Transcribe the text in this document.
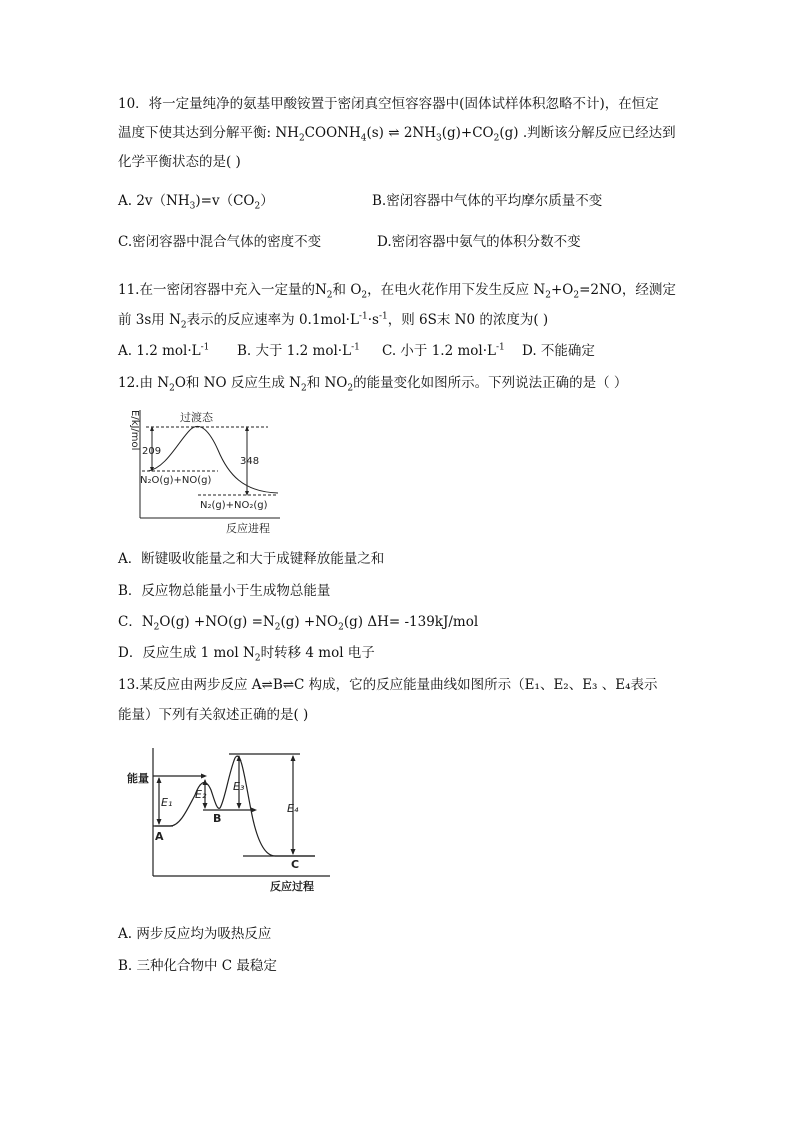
10．将一定量纯净的氨基甲酸铵置于密闭真空恒容容器中(固体试样体积忽略不计)，在恒定
温度下使其达到分解平衡: $NH_2COONH_4(s)$ ⇌ $2NH_3(g)+CO_2(g)$ .判断该分解反应已经达到
化学平衡状态的是( )
A. $2v(NH_3)=v(CO_2)$	B.密闭容器中气体的平均摩尔质量不变
C.密闭容器中混合气体的密度不变	D.密闭容器中氨气的体积分数不变
11.在一密闭容器中充入一定量的$N_2$和 $O_2$，在电火花作用下发生反应 $N_2+O_2=2NO$，经测定
前 3s用 $N_2$表示的反应速率为 $0.1mol\cdot L^{-1}\cdot s^{-1}$，则 6S末 N0 的浓度为( )
A. 1.2 $mol\cdot L^{-1}$ B. 大于 1.2 $mol\cdot L^{-1}$ C. 小于 1.2 $mol\cdot L^{-1}$ D. 不能确定
12.由 $N_2O$和 NO 反应生成 $N_2$和 $NO_2$的能量变化如图所示。下列说法正确的是（ ）
E/kJ/mol	过渡态
209
348
N₂O(g)+NO(g)
N₂(g)+NO₂(g)
反应进程
A．断键吸收能量之和大于成键释放能量之和
B．反应物总能量小于生成物总能量
C．$N_2O(g) +NO(g) =N_2(g) +NO_2(g)$ ΔH= -139kJ/mol
D．反应生成 1 mol $N_2$时转移 4 mol 电子
13.某反应由两步反应 A⇌B⇌C 构成，它的反应能量曲线如图所示（E₁、E₂、E₃ 、E₄表示
能量）下列有关叙述正确的是( )
能量
E₁
E₂
E₃
E₄
A
B
C
反应过程
A. 两步反应均为吸热反应
B. 三种化合物中 C 最稳定
